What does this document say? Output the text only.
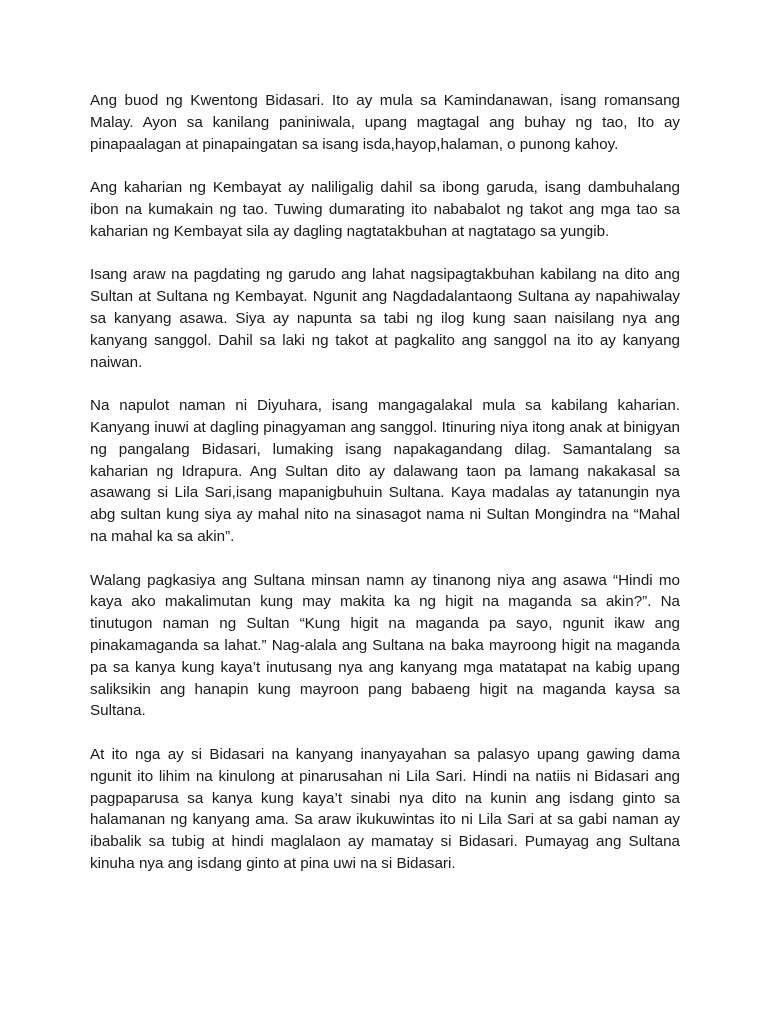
Ang buod ng Kwentong Bidasari. Ito ay mula sa Kamindanawan, isang romansang Malay. Ayon sa kanilang paniniwala, upang magtagal ang buhay ng tao, Ito ay pinapaalagan at pinapaingatan sa isang isda,hayop,halaman, o punong kahoy.

Ang kaharian ng Kembayat ay naliligalig dahil sa ibong garuda, isang dambuhalang ibon na kumakain ng tao. Tuwing dumarating ito nababalot ng takot ang mga tao sa kaharian ng Kembayat sila ay dagling nagtatakbuhan at nagtatago sa yungib.

Isang araw na pagdating ng garudo ang lahat nagsipagtakbuhan kabilang na dito ang Sultan at Sultana ng Kembayat. Ngunit ang Nagdadalantaong Sultana ay napahiwalay sa kanyang asawa. Siya ay napunta sa tabi ng ilog kung saan naisilang nya ang kanyang sanggol. Dahil sa laki ng takot at pagkalito ang sanggol na ito ay kanyang naiwan.

Na napulot naman ni Diyuhara, isang mangagalakal mula sa kabilang kaharian. Kanyang inuwi at dagling pinagyaman ang sanggol. Itinuring niya itong anak at binigyan ng pangalang Bidasari, lumaking isang napakagandang dilag. Samantalang sa kaharian ng Idrapura. Ang Sultan dito ay dalawang taon pa lamang nakakasal sa asawang si Lila Sari,isang mapanigbuhuin Sultana. Kaya madalas ay tatanungin nya abg sultan kung siya ay mahal nito na sinasagot nama ni Sultan Mongindra na “Mahal na mahal ka sa akin”.

Walang pagkasiya ang Sultana minsan namn ay tinanong niya ang asawa “Hindi mo kaya ako makalimutan kung may makita ka ng higit na maganda sa akin?”. Na tinutugon naman ng Sultan “Kung higit na maganda pa sayo, ngunit ikaw ang pinakamaganda sa lahat.” Nag-alala ang Sultana na baka mayroong higit na maganda pa sa kanya kung kaya’t inutusang nya ang kanyang mga matatapat na kabig upang saliksikin ang hanapin kung mayroon pang babaeng higit na maganda kaysa sa Sultana.

At ito nga ay si Bidasari na kanyang inanyayahan sa palasyo upang gawing dama ngunit ito lihim na kinulong at pinarusahan ni Lila Sari. Hindi na natiis ni Bidasari ang pagpaparusa sa kanya kung kaya’t sinabi nya dito na kunin ang isdang ginto sa halamanan ng kanyang ama. Sa araw ikukuwintas ito ni Lila Sari at sa gabi naman ay ibabalik sa tubig at hindi maglalaon ay mamatay si Bidasari. Pumayag ang Sultana kinuha nya ang isdang ginto at pina uwi na si Bidasari.
